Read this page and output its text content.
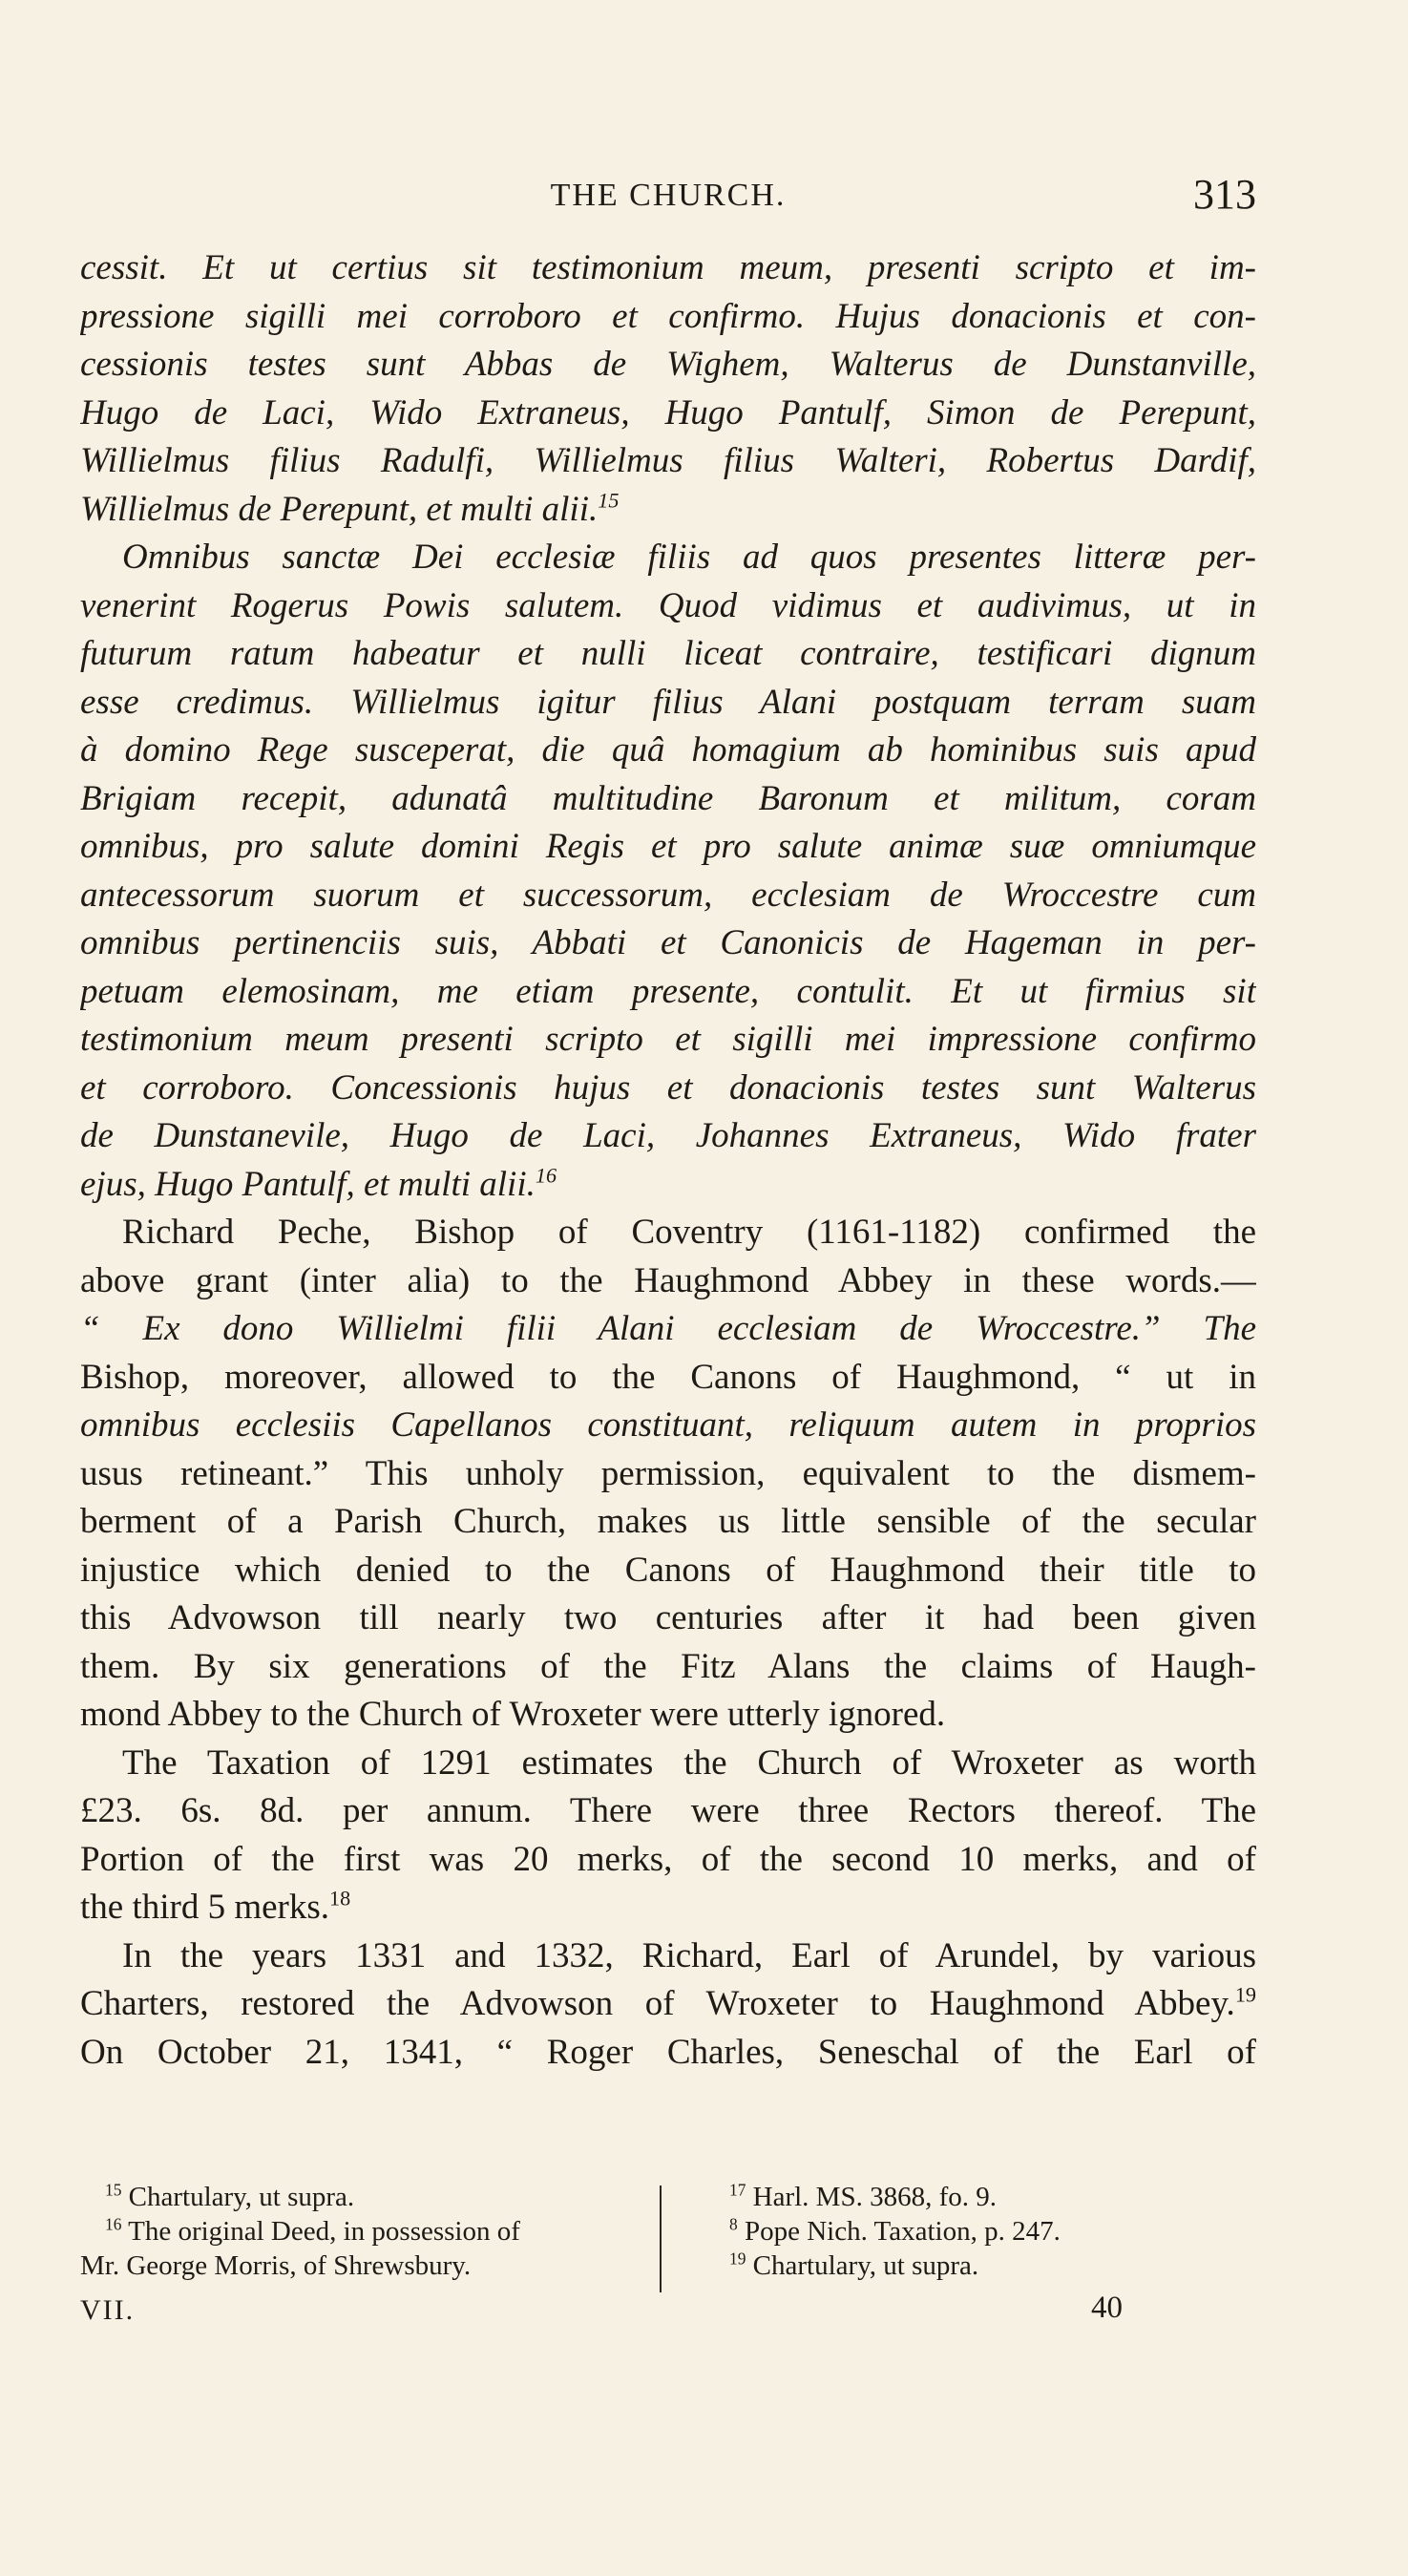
THE CHURCH.	313
cessit. Et ut certius sit testimonium meum, presenti scripto et im-
pressione sigilli mei corroboro et confirmo. Hujus donacionis et con-
cessionis testes sunt Abbas de Wighem, Walterus de Dunstanville,
Hugo de Laci, Wido Extraneus, Hugo Pantulf, Simon de Perepunt,
Willielmus filius Radulfi, Willielmus filius Walteri, Robertus Dardif,
Willielmus de Perepunt, et multi alii.$^{15}$
Omnibus sanctæ Dei ecclesiæ filiis ad quos presentes litteræ per-
venerint Rogerus Powis salutem. Quod vidimus et audivimus, ut in
futurum ratum habeatur et nulli liceat contraire, testificari dignum
esse credimus. Willielmus igitur filius Alani postquam terram suam
à domino Rege susceperat, die quâ homagium ab hominibus suis apud
Brigiam recepit, adunatâ multitudine Baronum et militum, coram
omnibus, pro salute domini Regis et pro salute animæ suæ omniumque
antecessorum suorum et successorum, ecclesiam de Wroccestre cum
omnibus pertinenciis suis, Abbati et Canonicis de Hageman in per-
petuam elemosinam, me etiam presente, contulit. Et ut firmius sit
testimonium meum presenti scripto et sigilli mei impressione confirmo
et corroboro. Concessionis hujus et donacionis testes sunt Walterus
de Dunstanevile, Hugo de Laci, Johannes Extraneus, Wido frater
ejus, Hugo Pantulf, et multi alii.$^{16}$
Richard Peche, Bishop of Coventry (1161-1182) confirmed the
above grant (inter alia) to the Haughmond Abbey in these words.—
“ Ex dono Willielmi filii Alani ecclesiam de Wroccestre.” The
Bishop, moreover, allowed to the Canons of Haughmond, “ ut in
omnibus ecclesiis Capellanos constituant, reliquum autem in proprios
usus retineant.” This unholy permission, equivalent to the dismem-
berment of a Parish Church, makes us little sensible of the secular
injustice which denied to the Canons of Haughmond their title to
this Advowson till nearly two centuries after it had been given
them. By six generations of the Fitz Alans the claims of Haugh-
mond Abbey to the Church of Wroxeter were utterly ignored.
The Taxation of 1291 estimates the Church of Wroxeter as worth
£23. 6s. 8d. per annum. There were three Rectors thereof. The
Portion of the first was 20 merks, of the second 10 merks, and of
the third 5 merks.$^{18}$
In the years 1331 and 1332, Richard, Earl of Arundel, by various
Charters, restored the Advowson of Wroxeter to Haughmond Abbey.$^{19}$
On October 21, 1341, “ Roger Charles, Seneschal of the Earl of
$^{15}$ Chartulary, ut supra.
$^{16}$ The original Deed, in possession of
Mr. George Morris, of Shrewsbury.
$^{17}$ Harl. MS. 3868, fo. 9.
$^8$ Pope Nich. Taxation, p. 247.
$^{19}$ Chartulary, ut supra.
VII.	40
